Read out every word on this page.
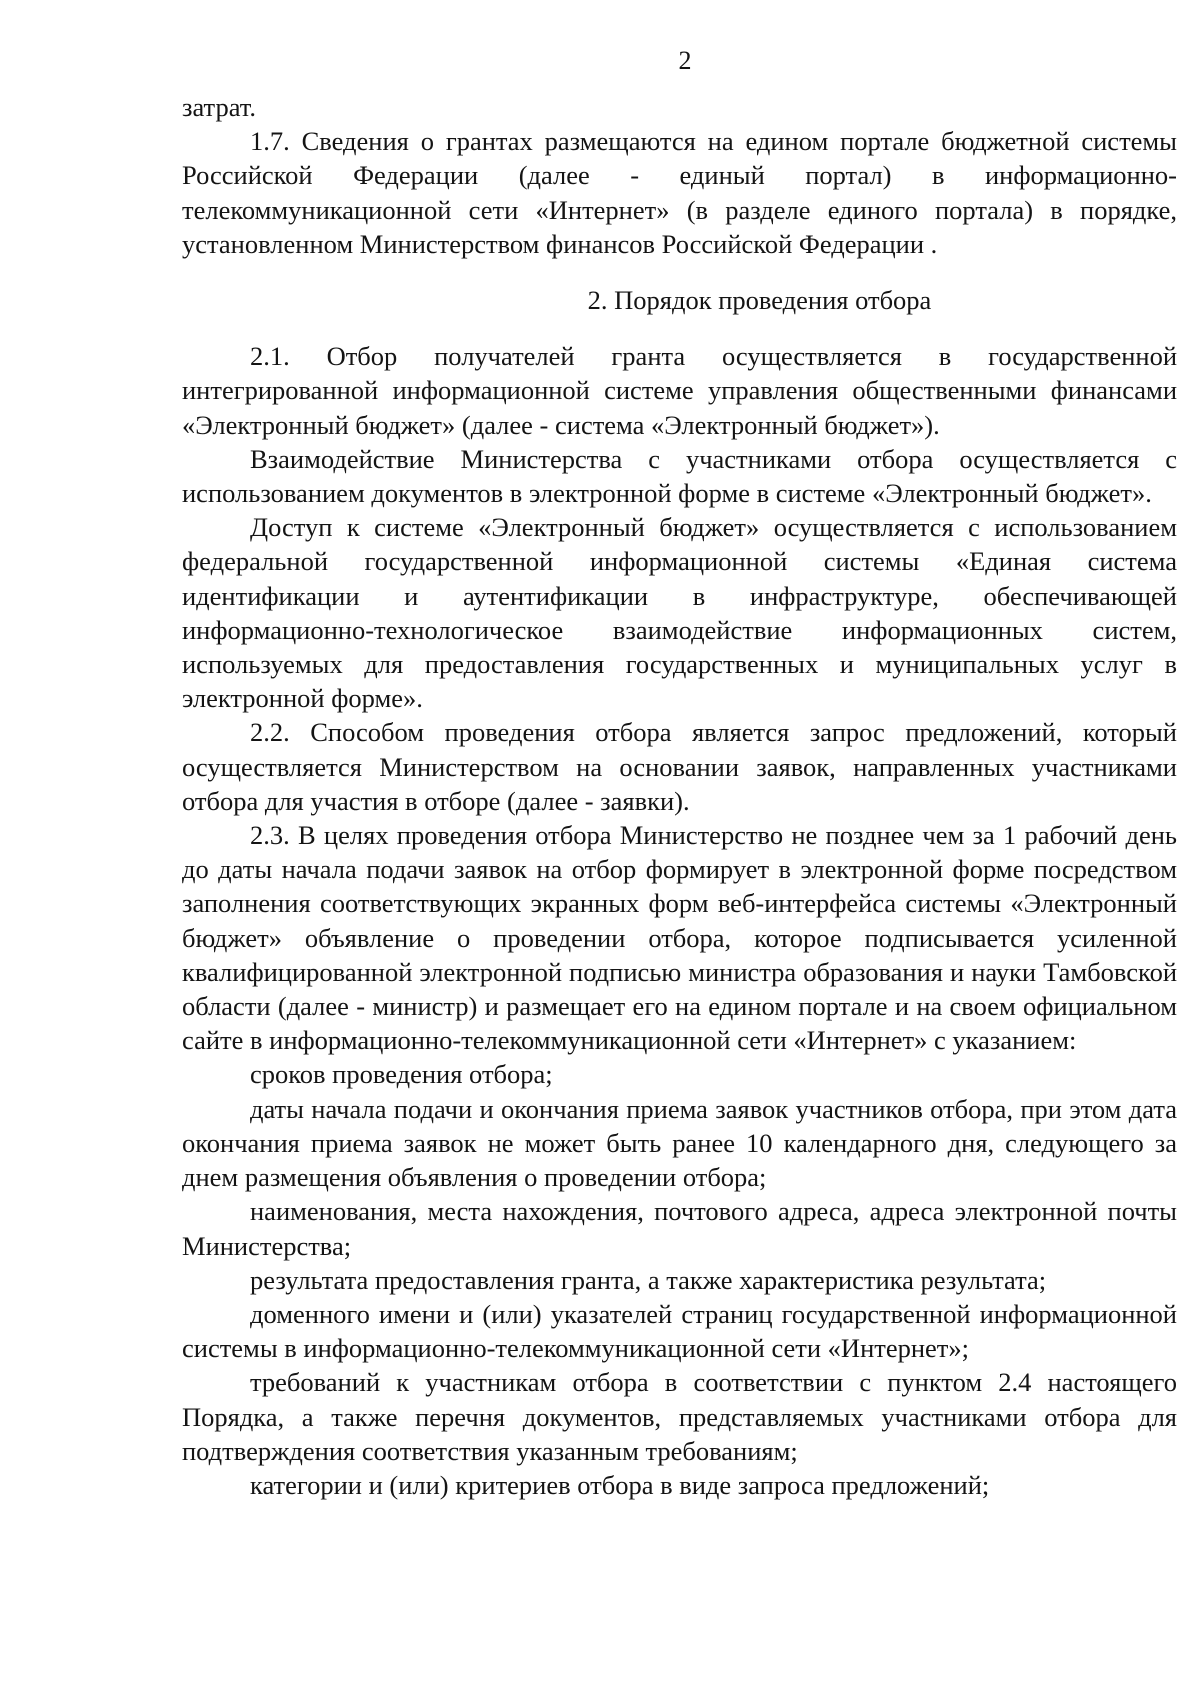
2

затрат.

1.7. Сведения о грантах размещаются на едином портале бюджетной системы Российской Федерации (далее - единый портал) в информационно-телекоммуникационной сети «Интернет» (в разделе единого портала) в порядке, установленном Министерством финансов Российской Федерации .

2. Порядок проведения отбора

2.1. Отбор получателей гранта осуществляется в государственной интегрированной информационной системе управления общественными финансами «Электронный бюджет» (далее - система «Электронный бюджет»).

Взаимодействие Министерства с участниками отбора осуществляется с использованием документов в электронной форме в системе «Электронный бюджет».

Доступ к системе «Электронный бюджет» осуществляется с использованием федеральной государственной информационной системы «Единая система идентификации и аутентификации в инфраструктуре, обеспечивающей информационно-технологическое взаимодействие информационных систем, используемых для предоставления государственных и муниципальных услуг в электронной форме».

2.2. Способом проведения отбора является запрос предложений, который осуществляется Министерством на основании заявок, направленных участниками отбора для участия в отборе (далее - заявки).

2.3. В целях проведения отбора Министерство не позднее чем за 1 рабочий день до даты начала подачи заявок на отбор формирует в электронной форме посредством заполнения соответствующих экранных форм веб-интерфейса системы «Электронный бюджет» объявление о проведении отбора, которое подписывается усиленной квалифицированной электронной подписью министра образования и науки Тамбовской области (далее - министр) и размещает его на едином портале и на своем официальном сайте в информационно-телекоммуникационной сети «Интернет» с указанием:

сроков проведения отбора;

даты начала подачи и окончания приема заявок участников отбора, при этом дата окончания приема заявок не может быть ранее 10 календарного дня, следующего за днем размещения объявления о проведении отбора;

наименования, места нахождения, почтового адреса, адреса электронной почты Министерства;

результата предоставления гранта, а также характеристика результата;

доменного имени и (или) указателей страниц государственной информационной системы в информационно-телекоммуникационной сети «Интернет»;

требований к участникам отбора в соответствии с пунктом 2.4 настоящего Порядка, а также перечня документов, представляемых участниками отбора для подтверждения соответствия указанным требованиям;

категории и (или) критериев отбора в виде запроса предложений;
